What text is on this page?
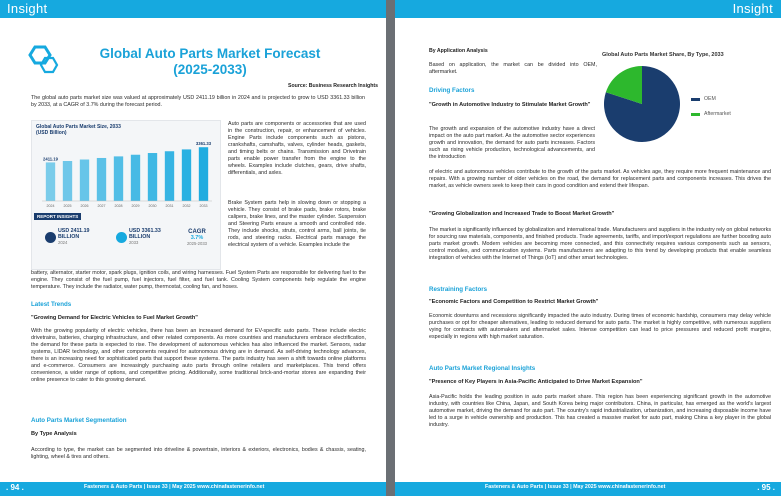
Insight
Global Auto Parts Market Forecast
(2025-2033)
Source: Business Research Insights
The global auto parts market size was valued at approximately USD 2411.19 billion in 2024 and is projected to grow to USD 3361.33 billion by 2033, at a CAGR of 3.7% during the forecast period.
Global Auto Parts Market Size, 2033 (USD Billion)
2024
2411.19
2025	2026	2027	2028	2029	2030	2031	2032	2033
3361.33
REPORT INSIGHTS
USD 2411.19 BILLION
2024
USD 3361.33 BILLION
2033
CAGR
3.7%
2025-2033
Auto parts are components or accessories that are used in the construction, repair, or enhancement of vehicles. Engine Parts include components such as pistons, crankshafts, camshafts, valves, cylinder heads, gaskets, and timing belts or chains. Transmission and Drivetrain parts enable power transfer from the engine to the wheels. Examples include clutches, gears, drive shafts, differentials, and axles.
Brake System parts help in slowing down or stopping a vehicle. They consist of brake pads, brake rotors, brake calipers, brake lines, and the master cylinder. Suspension and Steering Parts ensure a smooth and controlled ride. They include shocks, struts, control arms, ball joints, tie rods, and steering racks. Electrical parts manage the electrical system of a vehicle. Examples include the
battery, alternator, starter motor, spark plugs, ignition coils, and wiring harnesses. Fuel System Parts are responsible for delivering fuel to the engine. They consist of the fuel pump, fuel injectors, fuel filter, and fuel tank. Cooling System components help regulate the engine temperature. They include the radiator, water pump, thermostat, cooling fan, and hoses.
Latest Trends
"Growing Demand for Electric Vehicles to Fuel Market Growth"
With the growing popularity of electric vehicles, there has been an increased demand for EV-specific auto parts. These include electric drivetrains, batteries, charging infrastructure, and other related components. As more countries and manufacturers embrace electrification, the demand for these parts is expected to rise. The development of autonomous vehicles has also influenced the market. Sensors, radar systems, LIDAR technology, and other components required for autonomous driving are in demand. As self-driving technology advances, there is an increasing need for sophisticated parts that support these systems. The parts industry has seen a shift towards online platforms and e-commerce. Consumers are increasingly purchasing auto parts through online retailers and marketplaces. This trend offers convenience, a wider range of options, and competitive pricing. Additionally, some traditional brick-and-mortar stores are expanding their online presence to cater to this growing demand.
Auto Parts Market Segmentation
By Type Analysis
According to type, the market can be segmented into driveline & powertrain, interiors & exteriors, electronics, bodies & chassis, seating, lighting, wheel & tires and others.
. 94 .	Fasteners & Auto Parts | Issue 33 | May 2025 www.chinafastenerinfo.net
Insight
By Application Analysis
Based on application, the market can be divided into OEM, aftermarket.
Global Auto Parts Market Share, By Type, 2033
OEM
Aftermarket
Driving Factors
"Growth in Automotive Industry to Stimulate Market Growth"
The growth and expansion of the automotive industry have a direct impact on the auto part market. As the automotive sector experiences growth and innovation, the demand for auto parts increases. Factors such as rising vehicle production, technological advancements, and the introduction
of electric and autonomous vehicles contribute to the growth of the parts market. As vehicles age, they require more frequent maintenance and repairs. With a growing number of older vehicles on the road, the demand for replacement parts and components increases. This drives the market, as vehicle owners seek to keep their cars in good condition and extend their lifespan.
"Growing Globalization and Increased Trade to Boost Market Growth"
The market is significantly influenced by globalization and international trade. Manufacturers and suppliers in the industry rely on global networks for sourcing raw materials, components, and finished products. Trade agreements, tariffs, and import/export regulations are further boosting auto parts market growth. Modern vehicles are becoming more connected, and this connectivity requires various components such as sensors, control modules, and communication systems. Parts manufacturers are adapting to this trend by developing products that enable seamless integration of vehicles with the Internet of Things (IoT) and other smart technologies.
Restraining Factors
"Economic Factors and Competition to Restrict Market Growth"
Economic downturns and recessions significantly impacted the auto industry. During times of economic hardship, consumers may delay vehicle purchases or opt for cheaper alternatives, leading to reduced demand for auto parts. The market is highly competitive, with numerous suppliers vying for contracts with automakers and aftermarket sales. Intense competition can lead to price pressures and reduced profit margins, especially in regions with high market saturation.
Auto Parts Market Regional Insights
"Presence of Key Players in Asia-Pacific Anticipated to Drive Market Expansion"
Asia-Pacific holds the leading position in auto parts market share. This region has been experiencing significant growth in the automotive industry, with countries like China, Japan, and South Korea being major contributors. China, in particular, has emerged as the world's largest automotive market, driving the demand for auto part. The country's rapid industrialization, urbanization, and increasing disposable income have led to a surge in vehicle ownership and production. This has created a massive market for auto part, making China a key player in the global industry.
Fasteners & Auto Parts | Issue 33 | May 2025 www.chinafastenerinfo.net	. 95 .
